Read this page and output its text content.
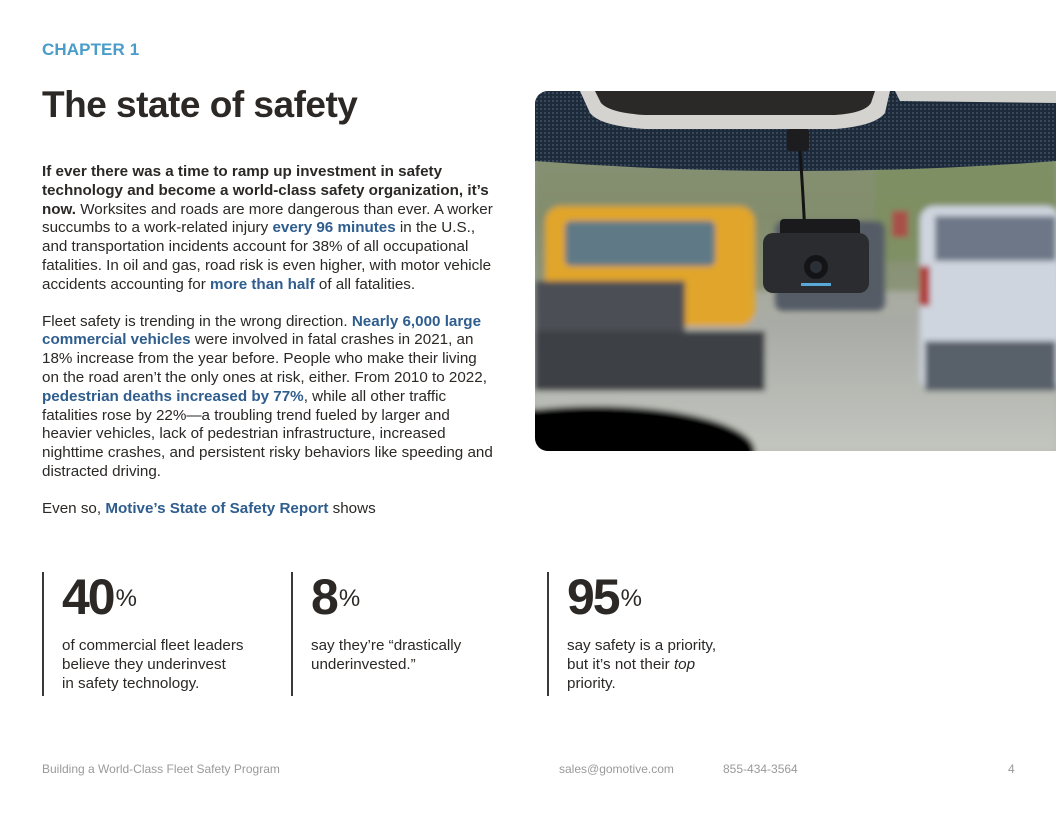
CHAPTER 1
The state of safety

If ever there was a time to ramp up investment in safety technology and become a world-class safety organization, it’s now. Worksites and roads are more dangerous than ever. A worker succumbs to a work-related injury every 96 minutes in the U.S., and transportation incidents account for 38% of all occupational fatalities. In oil and gas, road risk is even higher, with motor vehicle accidents accounting for more than half of all fatalities.

Fleet safety is trending in the wrong direction. Nearly 6,000 large commercial vehicles were involved in fatal crashes in 2021, an 18% increase from the year before. People who make their living on the road aren’t the only ones at risk, either. From 2010 to 2022, pedestrian deaths increased by 77%, while all other traffic fatalities rose by 22%—a troubling trend fueled by larger and heavier vehicles, lack of pedestrian infrastructure, increased nighttime crashes, and persistent risky behaviors like speeding and distracted driving.

Even so, Motive’s State of Safety Report shows

40%
of commercial fleet leaders
believe they underinvest
in safety technology.
8%
say they’re “drastically
underinvested.”
95%
say safety is a priority,
but it’s not their top
priority.
Building a World-Class Fleet Safety Program	sales@gomotive.com	855-434-3564	4
